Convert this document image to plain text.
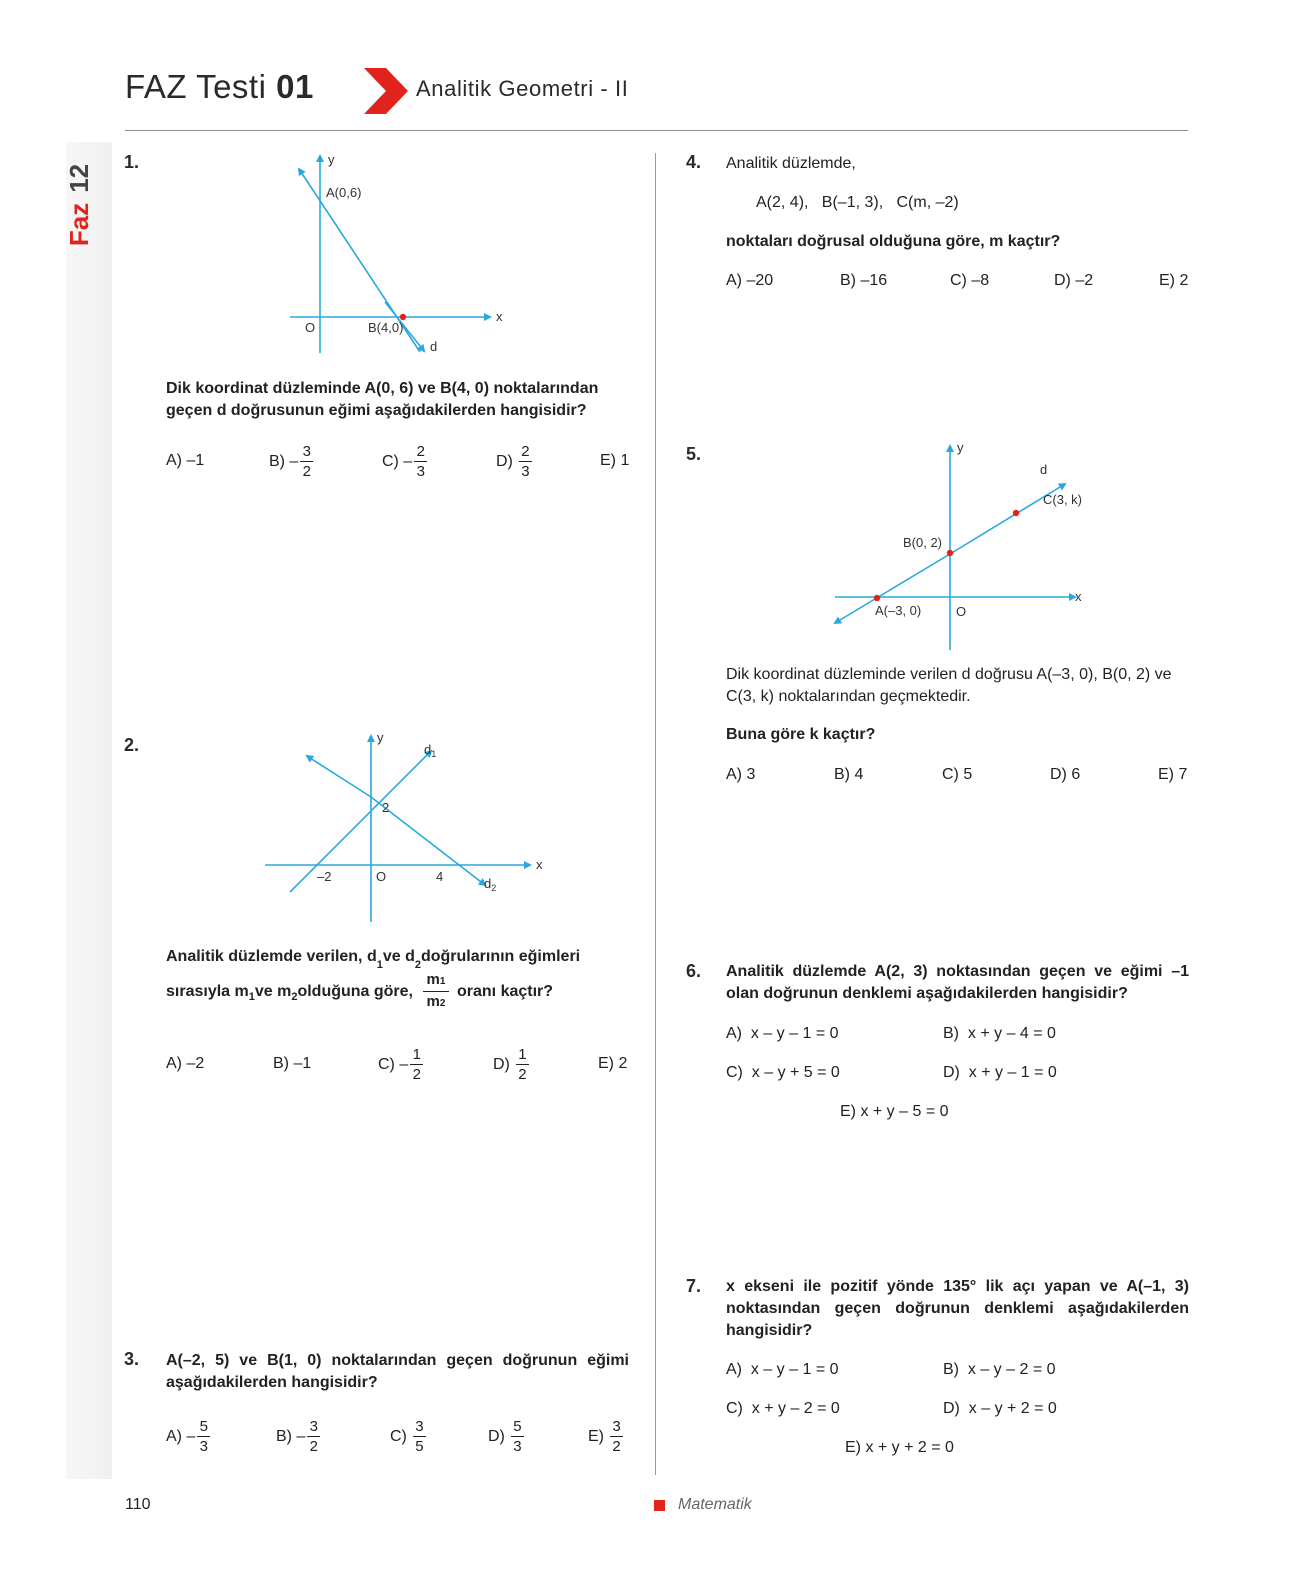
FAZ Testi 01	Analitik Geometri - II
Faz12
1.	y
A(0,6)
x
O	B(4,0)
d
Dik koordinat düzleminde A(0, 6) ve B(4, 0) noktalarından geçen d doğrusunun eğimi aşağıdakilerden hangisidir?
A) –1	$B) - \frac{3}{2}$	$C) - \frac{2}{3}$	$D) \frac{2}{3}$	E) 1
2.	y
$d_1$
2
–2	O	4
x
$d_2$
Analitik düzlemde verilen, d 1 ve d 2 doğrularının eğimleri
sırasıyla m 1 ve m 2 olduğuna göre, $\frac{m1}{m2}$ oranı kaçtır?
A) –2	B) –1	$C) - \frac{1}{2}$	$D) \frac{1}{2}$	E) 2
3. A(–2, 5) ve B(1, 0) noktalarından geçen doğrunun eğimi aşağıdakilerden hangisidir?
$A) - \frac{5}{3}$	$B) - \frac{3}{2}$	$C) \frac{3}{5}$	$D) \frac{5}{3}$	$E) \frac{3}{2}$
4. Analitik düzlemde,
A(2, 4),   B(–1, 3),   C(m, –2)
noktaları doğrusal olduğuna göre, m kaçtır?
A) –20	B) –16	C) –8	D) –2	E) 2
5.	y
d
C(3, k)
B(0, 2)
x
A(–3, 0)	O
Dik koordinat düzleminde verilen d doğrusu A(–3, 0), B(0, 2) ve C(3, k) noktalarından geçmektedir.
Buna göre k kaçtır?
A) 3	B) 4	C) 5	D) 6	E) 7
6. Analitik düzlemde A(2, 3) noktasından geçen ve eğimi –1 olan doğrunun denklemi aşağıdakilerden hangisidir?
A)  x – y – 1 = 0	B)  x + y – 4 = 0
C)  x – y + 5 = 0	D)  x + y – 1 = 0
E) x + y – 5 = 0
7. x ekseni ile pozitif yönde 135° lik açı yapan ve A(–1, 3) noktasından geçen doğrunun denklemi aşağıdakilerden hangisidir?
A)  x – y – 1 = 0	B)  x – y – 2 = 0
C)  x + y – 2 = 0	D)  x – y + 2 = 0
E) x + y + 2 = 0
110	Matematik
